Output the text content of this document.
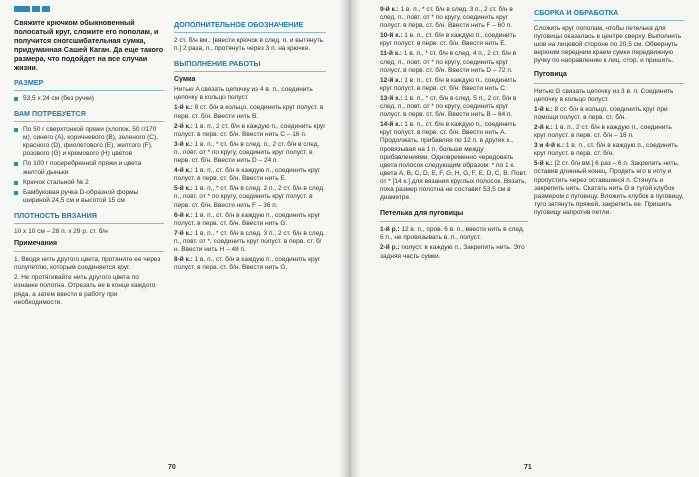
Свяжите крючком обыкновенный полосатый круг, сложите его пополам, и получится сногсшибательная сумка, придуманная Сашей Каган. Да еще такого размера, что подойдет на все случаи жизни.

РАЗМЕР
53,5 х 24 см (без ручки)
ВАМ ПОТРЕБУЕТСЯ
По 50 г сверхтонкой пряжи (хлопок, 50 г/170 м), синего (A), коричневого (B), зеленого (C), красного (D), фиолетового (E), желтого (F), розового (G) и кремового (H) цветов
По 100 г посеребренной пряжи и цвета желтой дыньки
Крючок стальной № 2
Бамбуковая ручка D-образной формы шириной 24,5 см и высотой 15 см
ПЛОТНОСТЬ ВЯЗАНИЯ

10 х 10 см – 28 п. х 29 р. ст. б/н

Примечания

1. Вводя нить другого цвета, протяните ее через полупетлю, которым соединяется круг.

2. Не протягивайте нить другого цвета по изнанке полотна. Отрезать ее в конце каждого ряда, а затем ввести в работу при необходимости.

ДОПОЛНИТЕЛЬНОЕ ОБОЗНАЧЕНИЕ

2 ст. б/н вм.: [ввести крючок в след. п. и вытянуть п.] 2 раза, п., протянуть через 3 п. на крючке.

ВЫПОЛНЕНИЕ РАБОТЫ
Сумка

Нитью A связать цепочку из 4 в. п., соединить цепочку в кольцо полуст.

1-й к.: 8 ст. б/н в кольцо, соединить круг полуст. в перв. ст. б/н. Ввести нить B.

2-й к.: 1 в. п., 2 ст. б/н в каждую п., соединить круг полуст. в перв. ст. б/н. Ввести нить C – 16 п.

3-й к.: 1 в. п., * ст. б/н в след. п., 2 ст. б/н в след. п., повт. от * по кругу, соединить круг полуст. в перв. ст. б/н. Ввести нить D – 24 п.

4-й к.: 1 в. п., ст. б/н в каждую п., соединить круг полуст. в перв. ст. б/н. Ввести нить E.

5-й к.: 1 в. п., * ст. б/н в след. 2 п., 2 ст. б/н в след. п., повт. от * по кругу, соединить круг полуст. в перв. ст. б/н. Ввести нить F – 36 п.

6-й к.: 1 в. п., ст. б/н в каждую п., соединить круг полуст. в перв. ст. б/н. Ввести нить G.

7-й к.: 1 в. п., * ст. б/н в след. 3 п., 2 ст. б/н в след. п., повт. от *, соединить круг полуст. в перв. ст. б/н. Ввести нить H – 48 п.

8-й к.: 1 в. п., ст. б/н в каждую п., соединить круг полуст. в перв. ст. б/н. Ввести нить G.

70

9-й к.: 1 в. п., * ст. б/н в след. 3 п., 2 ст. б/н в след. п., повт. от * по кругу, соединить круг полуст. в перв. ст. б/н. Ввести нить F – 60 п.

10-й к.: 1 в. п., ст. б/н в каждую п., соединить круг полуст. в перв. ст. б/н. Ввести нить E.

11-й к.: 1 в. п., * ст. б/н в след. 4 п., 2 ст. б/н в след. п., повт. от * по кругу, соединить круг полуст. в перв. ст. б/н. Ввести нить D – 72 п.

12-й к.: 1 в. п., ст. б/н в каждую п., соединить круг полуст. в перв. ст. б/н. Ввести нить C.

13-й к.: 1 в. п., * ст. б/н в след. 5 п., 2 ст. б/н в след. п., повт. от * по кругу, соединить круг полуст. в перв. ст. б/н. Ввести нить B – 84 п.

14-й к.: 1 в. п., ст. б/н в каждую п., соединить круг полуст. в перв. ст. б/н. Ввести нить A. Продолжать, прибавляя по 12 п. в других к., провязывая на 1 п. больше между прибавлениями. Одновременно чередовать цвета полосок следующим образом: * по 1 к. цвета A, B, C, D, E, F, G, H, G, F, E, D, C, B. Повт. от * [14 к.] для вязания круглых полосок. Вязать, пока размер полотна не составит 53,5 см в диаметре.

Петелька для пуговицы

1-й р.: 12 в. п., пров. 6 в. п., ввести нить в след. 6 п., не провязывать в. п., полуст.

2-й р.: полуст. в каждую п., Закрепить нить. Это задняя часть сумки.

СБОРКА И ОБРАБОТКА

Сложить круг пополам, чтобы петелька для пуговицы оказалась в центре сверху. Выполнить шов на лицевой стороне по 20,5 см. Обвернуть верхним передним краем сумки передвижную ручку по направлению к лиц. стор. и пришить.

Пуговица

Нитью G связать цепочку из 3 в. п. Соединить цепочку в кольцо полуст.

1-й к.: 8 ст. б/н в кольцо, соединить круг при помощи полуст. в перв. ст. б/н.

2-й к.: 1 в. п., 2 ст. б/н в каждую п., соединить круг полуст. в перв. ст. б/н – 16 п.

3 и 4-й к.: 1 в. п., ст. б/н в каждую п., соединить круг полуст. в перв. ст. б/н.

5-й к.: [2 ст. б/н вм.] 6 раз – 6 п. Закрепить нить, оставив длинный конец. Продеть его в иглу и пропустить через оставшиеся п. Стянуть и закрепить нить. Скатать нить G в тугой клубок размером с пуговицу. Вложить клубок в пуговицу, туго затянуть пряжей, закрепить ее. Пришить пуговицу напротив петли.

71
